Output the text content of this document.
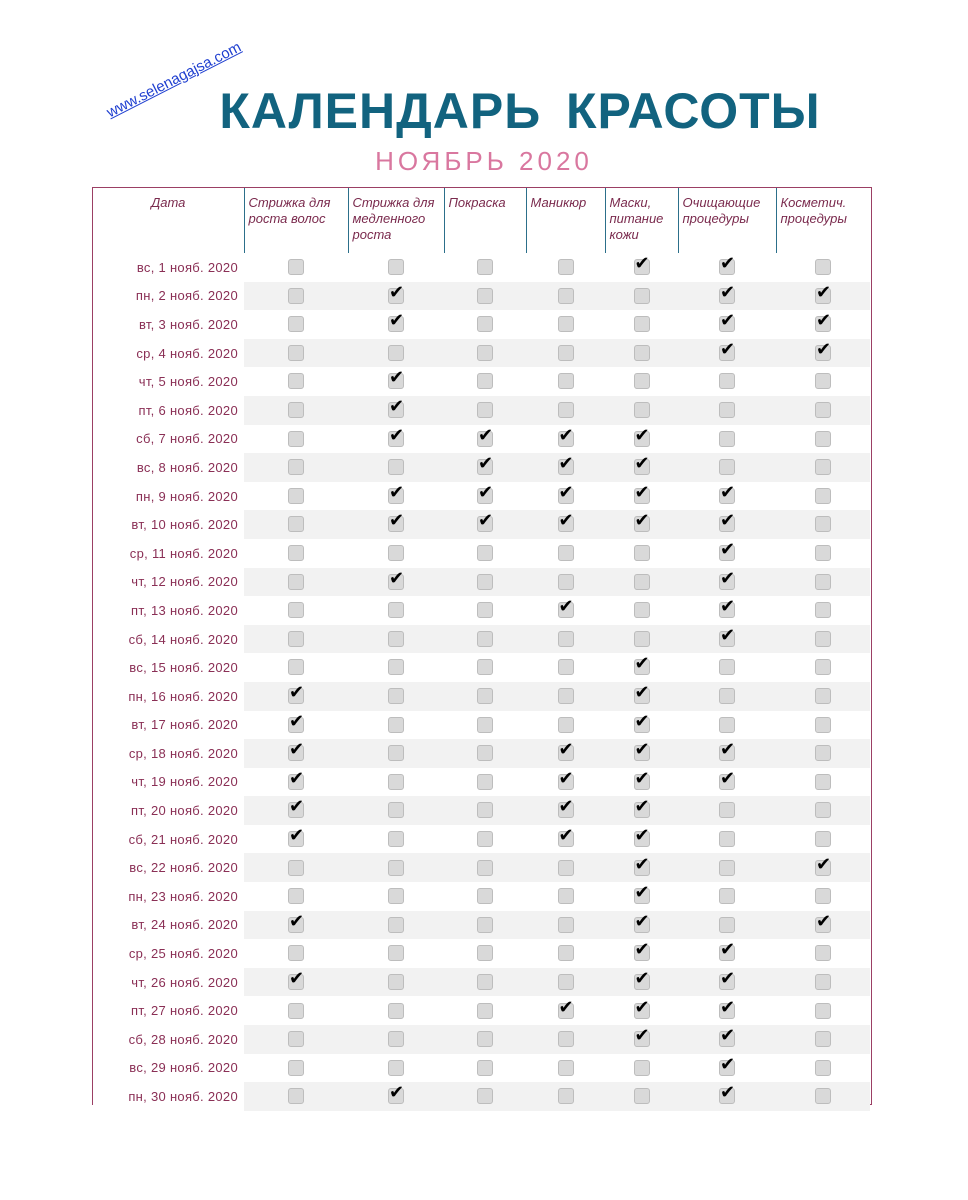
www.selenagajsa.com
КАЛЕНДАРЬ КРАСОТЫ
НОЯБРЬ 2020
Дата	Стрижка для роста волос	Стрижка для медленного роста	Покраска	Маникюр	Маски, питание кожи	Очищающие процедуры	Косметич. процедуры
вс, 1 нояб. 2020					✔	✔	

пн, 2 нояб. 2020		✔				✔	✔

вт, 3 нояб. 2020		✔				✔	✔

ср, 4 нояб. 2020						✔	✔

чт, 5 нояб. 2020		✔					

пт, 6 нояб. 2020		✔					

сб, 7 нояб. 2020		✔	✔	✔	✔		

вс, 8 нояб. 2020			✔	✔	✔		

пн, 9 нояб. 2020		✔	✔	✔	✔	✔	

вт, 10 нояб. 2020		✔	✔	✔	✔	✔	

ср, 11 нояб. 2020						✔	

чт, 12 нояб. 2020		✔				✔	

пт, 13 нояб. 2020				✔		✔	

сб, 14 нояб. 2020						✔	

вс, 15 нояб. 2020					✔		

пн, 16 нояб. 2020	✔				✔		

вт, 17 нояб. 2020	✔				✔		

ср, 18 нояб. 2020	✔			✔	✔	✔	

чт, 19 нояб. 2020	✔			✔	✔	✔	

пт, 20 нояб. 2020	✔			✔	✔		

сб, 21 нояб. 2020	✔			✔	✔		

вс, 22 нояб. 2020					✔		✔

пн, 23 нояб. 2020					✔		

вт, 24 нояб. 2020	✔				✔		✔

ср, 25 нояб. 2020					✔	✔	

чт, 26 нояб. 2020	✔				✔	✔	

пт, 27 нояб. 2020				✔	✔	✔	

сб, 28 нояб. 2020					✔	✔	

вс, 29 нояб. 2020						✔	

пн, 30 нояб. 2020		✔				✔	
